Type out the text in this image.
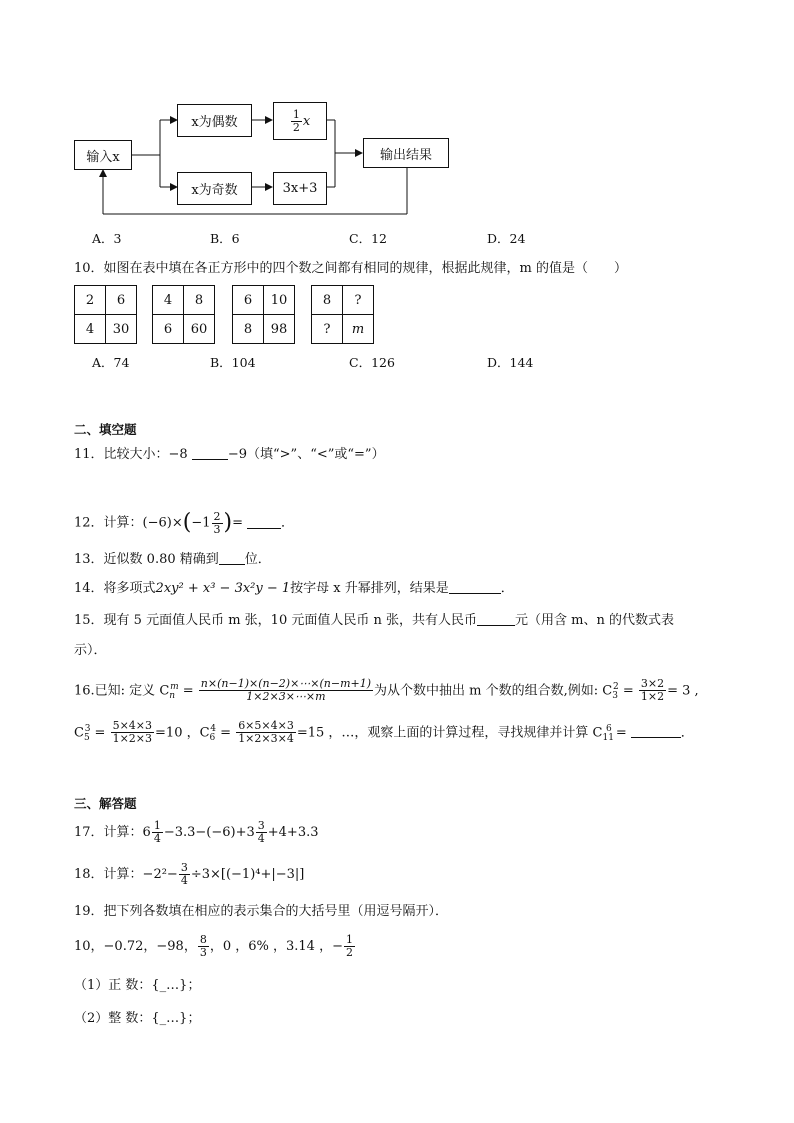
输入x
x为偶数	$\frac{1}{2}$ x
x为奇数	3x+3
输出结果
A．3	B．6	C．12	D．24
10．如图在表中填在各正方形中的四个数之间都有相同的规律，根据此规律，m 的值是（　　）
2	6
4	30
4	8
6	60
6	10
8	98
8	?
?	m
A．74	B．104	C．126	D．144
二、填空题
11．比较大小：−8	−9（填“>”、“<”或“=”）
12．计算：$(-6)\times(-1 \frac{2}{3}$ )=	．
13．近似数 0.80 精确到 位．
14．将多项式2xy² + x³ − 3x²y − 1按字母 x 升幂排列，结果是	．
15．现有 5 元面值人民币 m 张，10 元面值人民币 n 张，共有人民币	元（用含 m、n 的代数式表
示）．
16.已知: 定义 $C_n^m = \frac{n\times(n-1)\times(n-2)\times\cdots\times(n-m+1)}{1\times 2\times 3\times\cdots\times m}$ 为从个数中抽出 m 个数的组合数,例如: $C_3^2 = \frac{3\times 2}{1\times 2} = 3$ ,
$C_5^3 = \frac{5\times 4\times 3}{1\times 2\times 3} =10$ ，$C_6^4 = \frac{6\times 5\times 4\times 3}{1\times 2\times 3\times 4} =15$ ，…，观察上面的计算过程，寻找规律并计算 $C_{11}^6$ =	．
三、解答题
17．计算：$6 \frac{1}{4} -3.3-(-6)+3 \frac{3}{4} +4+3.3$
18．计算：$-2^2- \frac{3}{4} \div 3\times[(-1)^4+|-3|]$
19．把下列各数填在相应的表示集合的大括号里（用逗号隔开）．
10，−0.72，−98， $\frac{8}{3}$ ，0 ，6% ，3.14 ，− $\frac{1}{2}$
（1）正 数：{_…}；
（2）整 数：{_…}；
